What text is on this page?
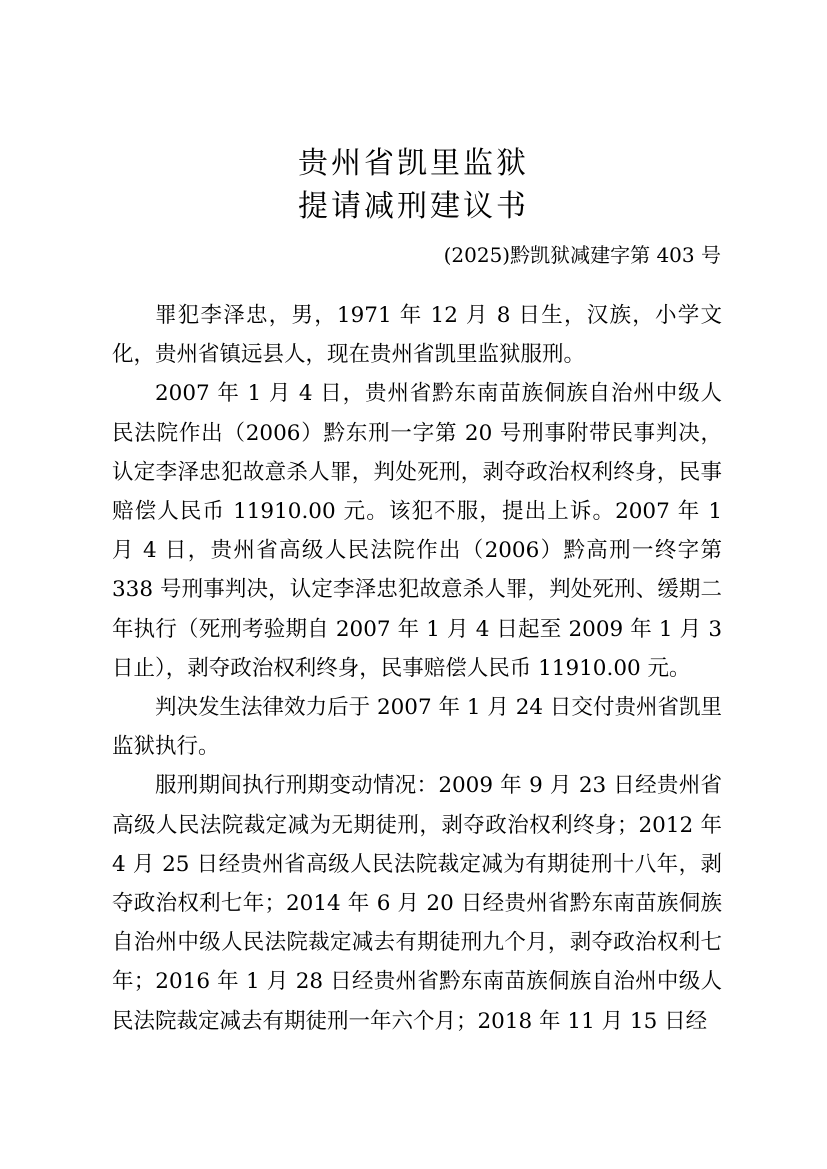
贵州省凯里监狱
提请减刑建议书
(2025)黔凯狱减建字第 403 号

罪犯李泽忠，男，1971 年 12 月 8 日生，汉族，小学文化，贵州省镇远县人，现在贵州省凯里监狱服刑。

2007 年 1 月 4 日，贵州省黔东南苗族侗族自治州中级人民法院作出（2006）黔东刑一字第 20 号刑事附带民事判决，认定李泽忠犯故意杀人罪，判处死刑，剥夺政治权利终身，民事赔偿人民币 11910.00 元。该犯不服，提出上诉。2007 年 1 月 4 日，贵州省高级人民法院作出（2006）黔高刑一终字第 338 号刑事判决，认定李泽忠犯故意杀人罪，判处死刑、缓期二年执行（死刑考验期自 2007 年 1 月 4 日起至 2009 年 1 月 3 日止），剥夺政治权利终身，民事赔偿人民币 11910.00 元。

判决发生法律效力后于 2007 年 1 月 24 日交付贵州省凯里监狱执行。

服刑期间执行刑期变动情况：2009 年 9 月 23 日经贵州省高级人民法院裁定减为无期徒刑，剥夺政治权利终身；2012 年 4 月 25 日经贵州省高级人民法院裁定减为有期徒刑十八年，剥夺政治权利七年；2014 年 6 月 20 日经贵州省黔东南苗族侗族自治州中级人民法院裁定减去有期徒刑九个月，剥夺政治权利七年；2016 年 1 月 28 日经贵州省黔东南苗族侗族自治州中级人民法院裁定减去有期徒刑一年六个月；2018 年 11 月 15 日经
